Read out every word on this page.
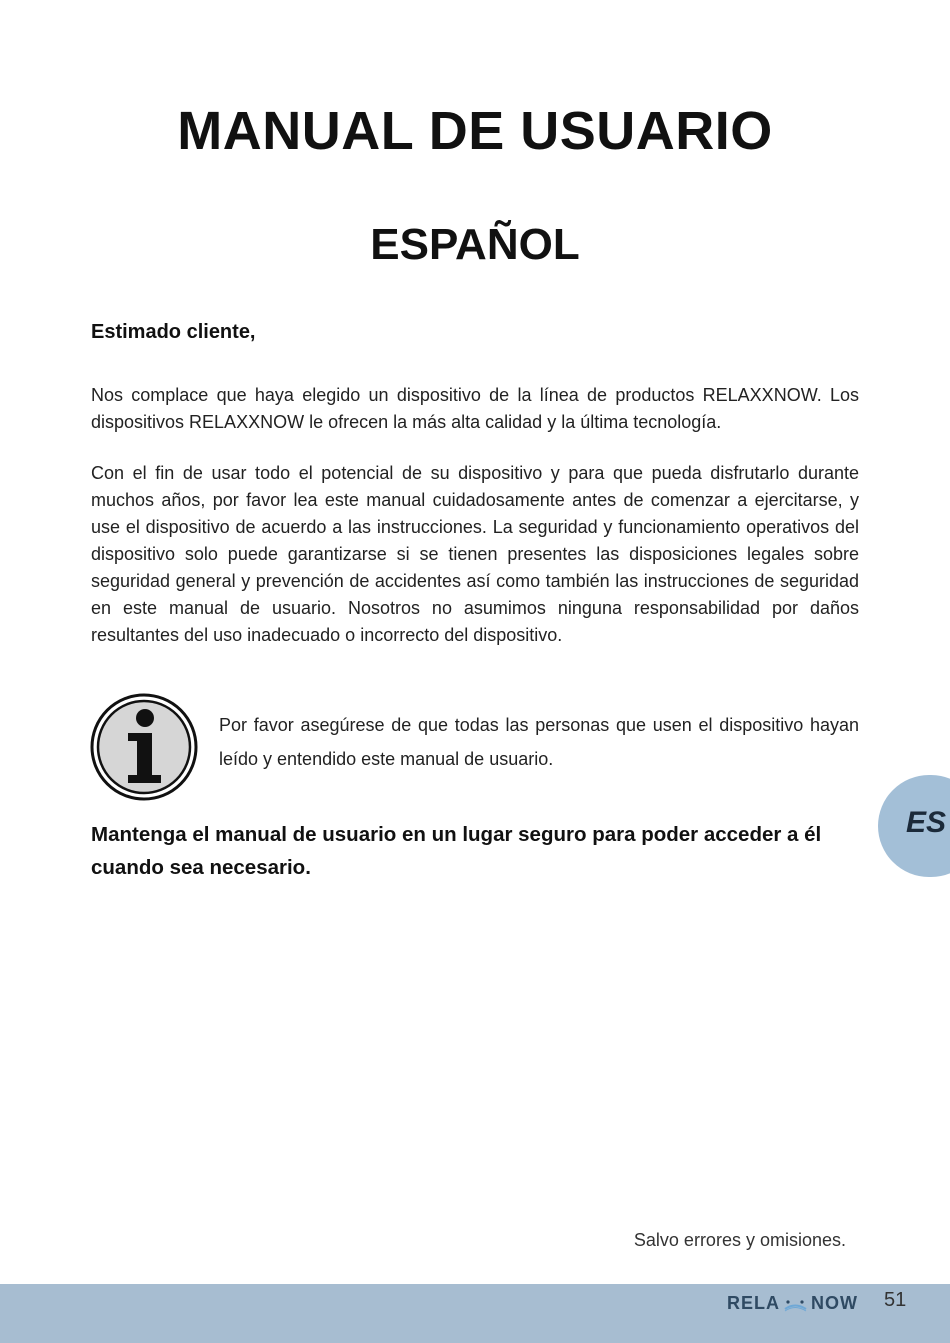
MANUAL DE USUARIO
ESPAÑOL

Estimado cliente,

Nos complace que haya elegido un dispositivo de la línea de productos RELAXXNOW. Los dispositivos RELAXXNOW le ofrecen la más alta calidad y la última tecnología.

Con el fin de usar todo el potencial de su dispositivo y para que pueda disfrutarlo durante muchos años, por favor lea este manual cuidadosamente antes de comenzar a ejercitarse, y use el dispositivo de acuerdo a las instrucciones. La seguridad y funcionamiento operativos del dispositivo solo puede garantizarse si se tienen presentes las disposiciones legales sobre seguridad general y prevención de accidentes así como también las instrucciones de seguridad en este manual de usuario. Nosotros no asumimos ninguna responsabilidad por daños resultantes del uso inadecuado o incorrecto del dispositivo.

Por favor asegúrese de que todas las personas que usen el dispositivo hayan leído y entendido este manual de usuario.

Mantenga el manual de usuario en un lugar seguro para poder acceder a él cuando sea necesario.

ES

Salvo errores y omisiones.

RELA NOW 51
